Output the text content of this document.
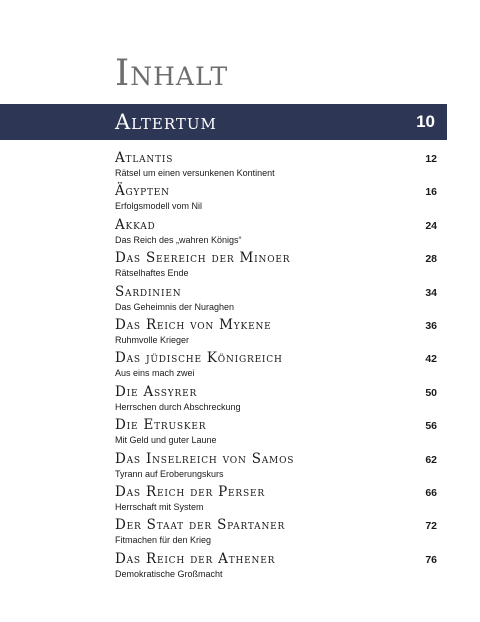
Inhalt
Altertum	10
Atlantis
Rätsel um einen versunkenen Kontinent
12
Ägypten
Erfolgsmodell vom Nil
16
Akkad
Das Reich des „wahren Königs“
24
Das Seereich der Minoer
Rätselhaftes Ende
28
Sardinien
Das Geheimnis der Nuraghen
34
Das Reich von Mykene
Ruhmvolle Krieger
36
Das jüdische Königreich
Aus eins mach zwei
42
Die Assyrer
Herrschen durch Abschreckung
50
Die Etrusker
Mit Geld und guter Laune
56
Das Inselreich von Samos
Tyrann auf Eroberungskurs
62
Das Reich der Perser
Herrschaft mit System
66
Der Staat der Spartaner
Fitmachen für den Krieg
72
Das Reich der Athener
Demokratische Großmacht
76
